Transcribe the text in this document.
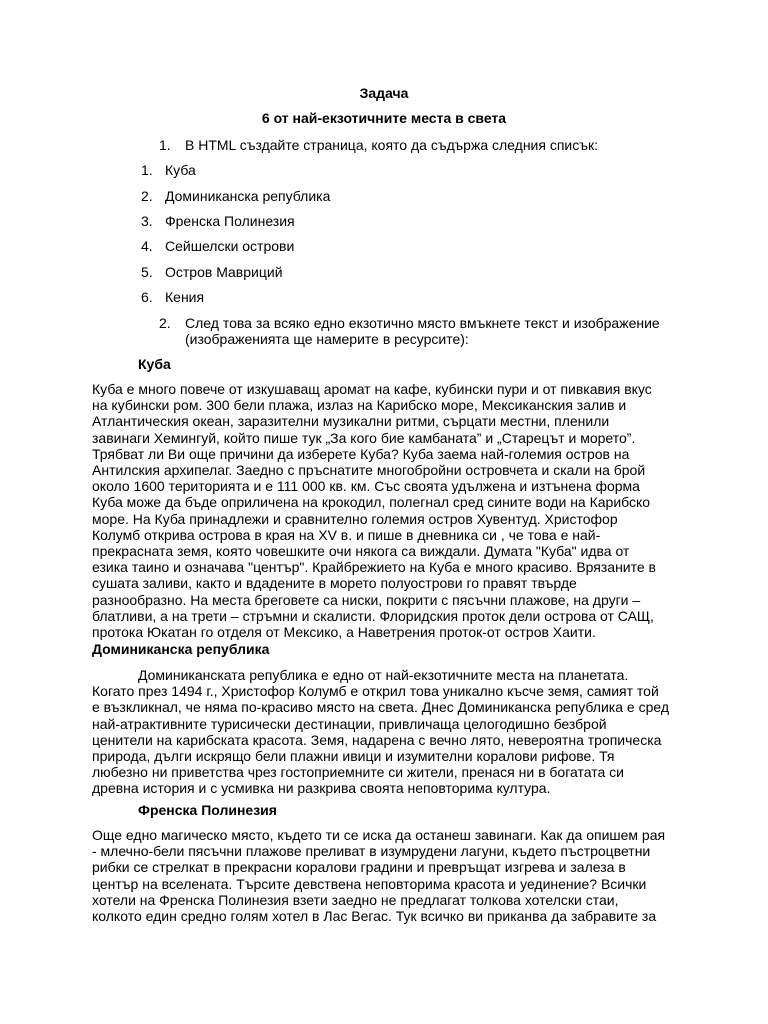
Задача
6 от най-екзотичните места в света
1. В HTML създайте страница, която да съдържа следния списък:
1. Куба
2. Доминиканска република
3. Френска Полинезия
4. Сейшелски острови
5. Остров Мавриций
6. Кения
2. След това за всяко едно екзотично място вмъкнете текст и изображение
(изображенията ще намерите в ресурсите):
Куба

Куба е много повече от изкушаващ аромат на кафе, кубински пури и от пивкавия вкус
на кубински ром. 300 бели плажа, излаз на Карибско море, Мексиканския залив и
Атлантическия океан, заразителни музикални ритми, сърцати местни, пленили
завинаги Хемингуй, който пише тук „За кого бие камбаната” и „Старецът и морето”.
Трябват ли Ви още причини да изберете Куба? Куба заема най-големия остров на
Антилския архипелаг. Заедно с пръснатите многобройни островчета и скали на брой
около 1600 териториятa и е 111 000 кв. км. Със своята удължена и изтънена форма
Куба може да бъде оприличена на крокодил, полегнал сред сините води на Карибско
море. На Куба принадлежи и сравнително големия остров Хувентуд. Христофор
Колумб открива острова в края на XV в. и пише в дневника си , че това е най-
прекрасната земя, която човешките очи някога са виждали. Думата "Куба" идва от
езика таино и означава "център". Крайбрежието на Куба е много красиво. Врязаните в
сушата заливи, както и вдадените в морето полуострови го правят твърде
разнообразно. На места бреговете са ниски, покрити с пясъчни плажове, на други –
блатливи, а на трети – стръмни и скалисти. Флоридския проток дели острова от САЩ,
протока Юкатан го отделя от Мексико, а Наветрения проток-от остров Хаити.

Доминиканска република

Доминиканската република е едно от най-екзотичните места на планетата.
Когато през 1494 г., Христофор Колумб е открил това уникално късче земя, самият той
е възкликнал, че няма по-красиво място на света. Днес Доминиканска република е сред
най-атрактивните турисически дестинации, привличаща целогодишно безброй
ценители на карибската красота. Земя, надарена с вечно лято, невероятна тропическа
природа, дълги искрящо бели плажни ивици и изумителни коралови рифове. Тя
любезно ни приветства чрез гостоприемните си жители, пренася ни в богатата си
древна история и с усмивка ни разкрива своята неповторима култура.

Френска Полинезия

Още едно магическо място, където ти се иска да останеш завинаги. Как да опишем рая
- млечно-бели пясъчни плажове преливат в изумрудени лагуни, където пъстроцветни
рибки се стрелкат в прекрасни коралови градини и превръщат изгрева и залеза в
център на вселената. Търсите девствена неповторима красота и уединение? Всички
хотели на Френска Полинезия взети заедно не предлагат толкова хотелски стаи,
колкото един средно голям хотел в Лас Вегас. Тук всичко ви приканва да забравите за
